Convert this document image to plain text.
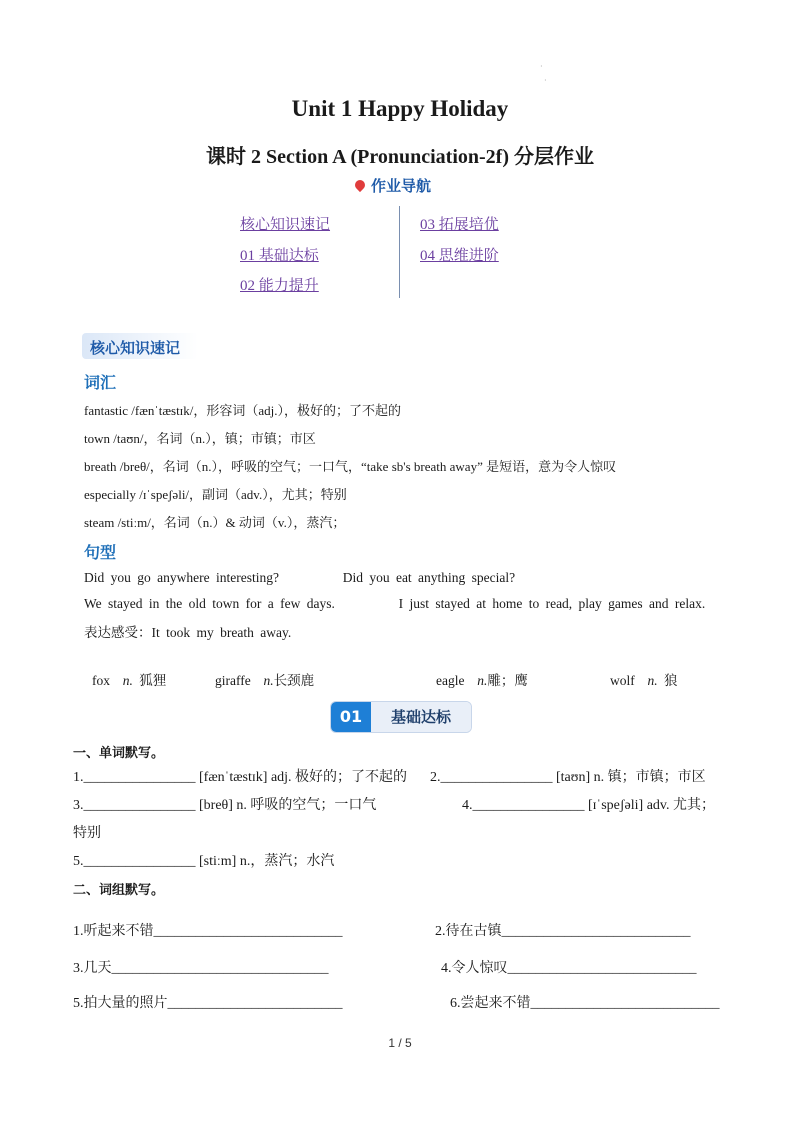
·
·
Unit 1 Happy Holiday
课时 2 Section A (Pronunciation-2f) 分层作业
作业导航
核心知识速记
01 基础达标
02 能力提升
03 拓展培优
04 思维进阶
核心知识速记
词汇
fantastic /fænˈtæstɪk/，形容词（adj.），极好的；了不起的
town /taʊn/，名词（n.），镇；市镇；市区
breath /breθ/，名词（n.），呼吸的空气；一口气，“take sb's breath away” 是短语，意为令人惊叹
especially /ɪˈspeʃəli/，副词（adv.），尤其；特别
steam /stiːm/，名词（n.）& 动词（v.），蒸汽；
句型
Did you go anywhere interesting?          Did you eat anything special?
We stayed in the old town for a few days.          I just stayed at home to read, play games and relax.
表达感受：It took my breath away.
fox n. 狐狸	giraffe n.长颈鹿	eagle n.雕；鹰	wolf n. 狼
01	基础达标
一、单词默写。
1.________________ [fænˈtæstɪk] adj. 极好的；了不起的 2.________________ [taʊn] n. 镇；市镇；市区
3.________________ [breθ] n. 呼吸的空气；一口气	4.________________ [ɪˈspeʃəli] adv. 尤其；
特别
5.________________ [stiːm] n.，蒸汽；水汽
二、词组默写。
1.听起来不错___________________________	2.待在古镇___________________________
3.几天_______________________________	4.令人惊叹___________________________
5.拍大量的照片_________________________	6.尝起来不错___________________________
1 / 5
